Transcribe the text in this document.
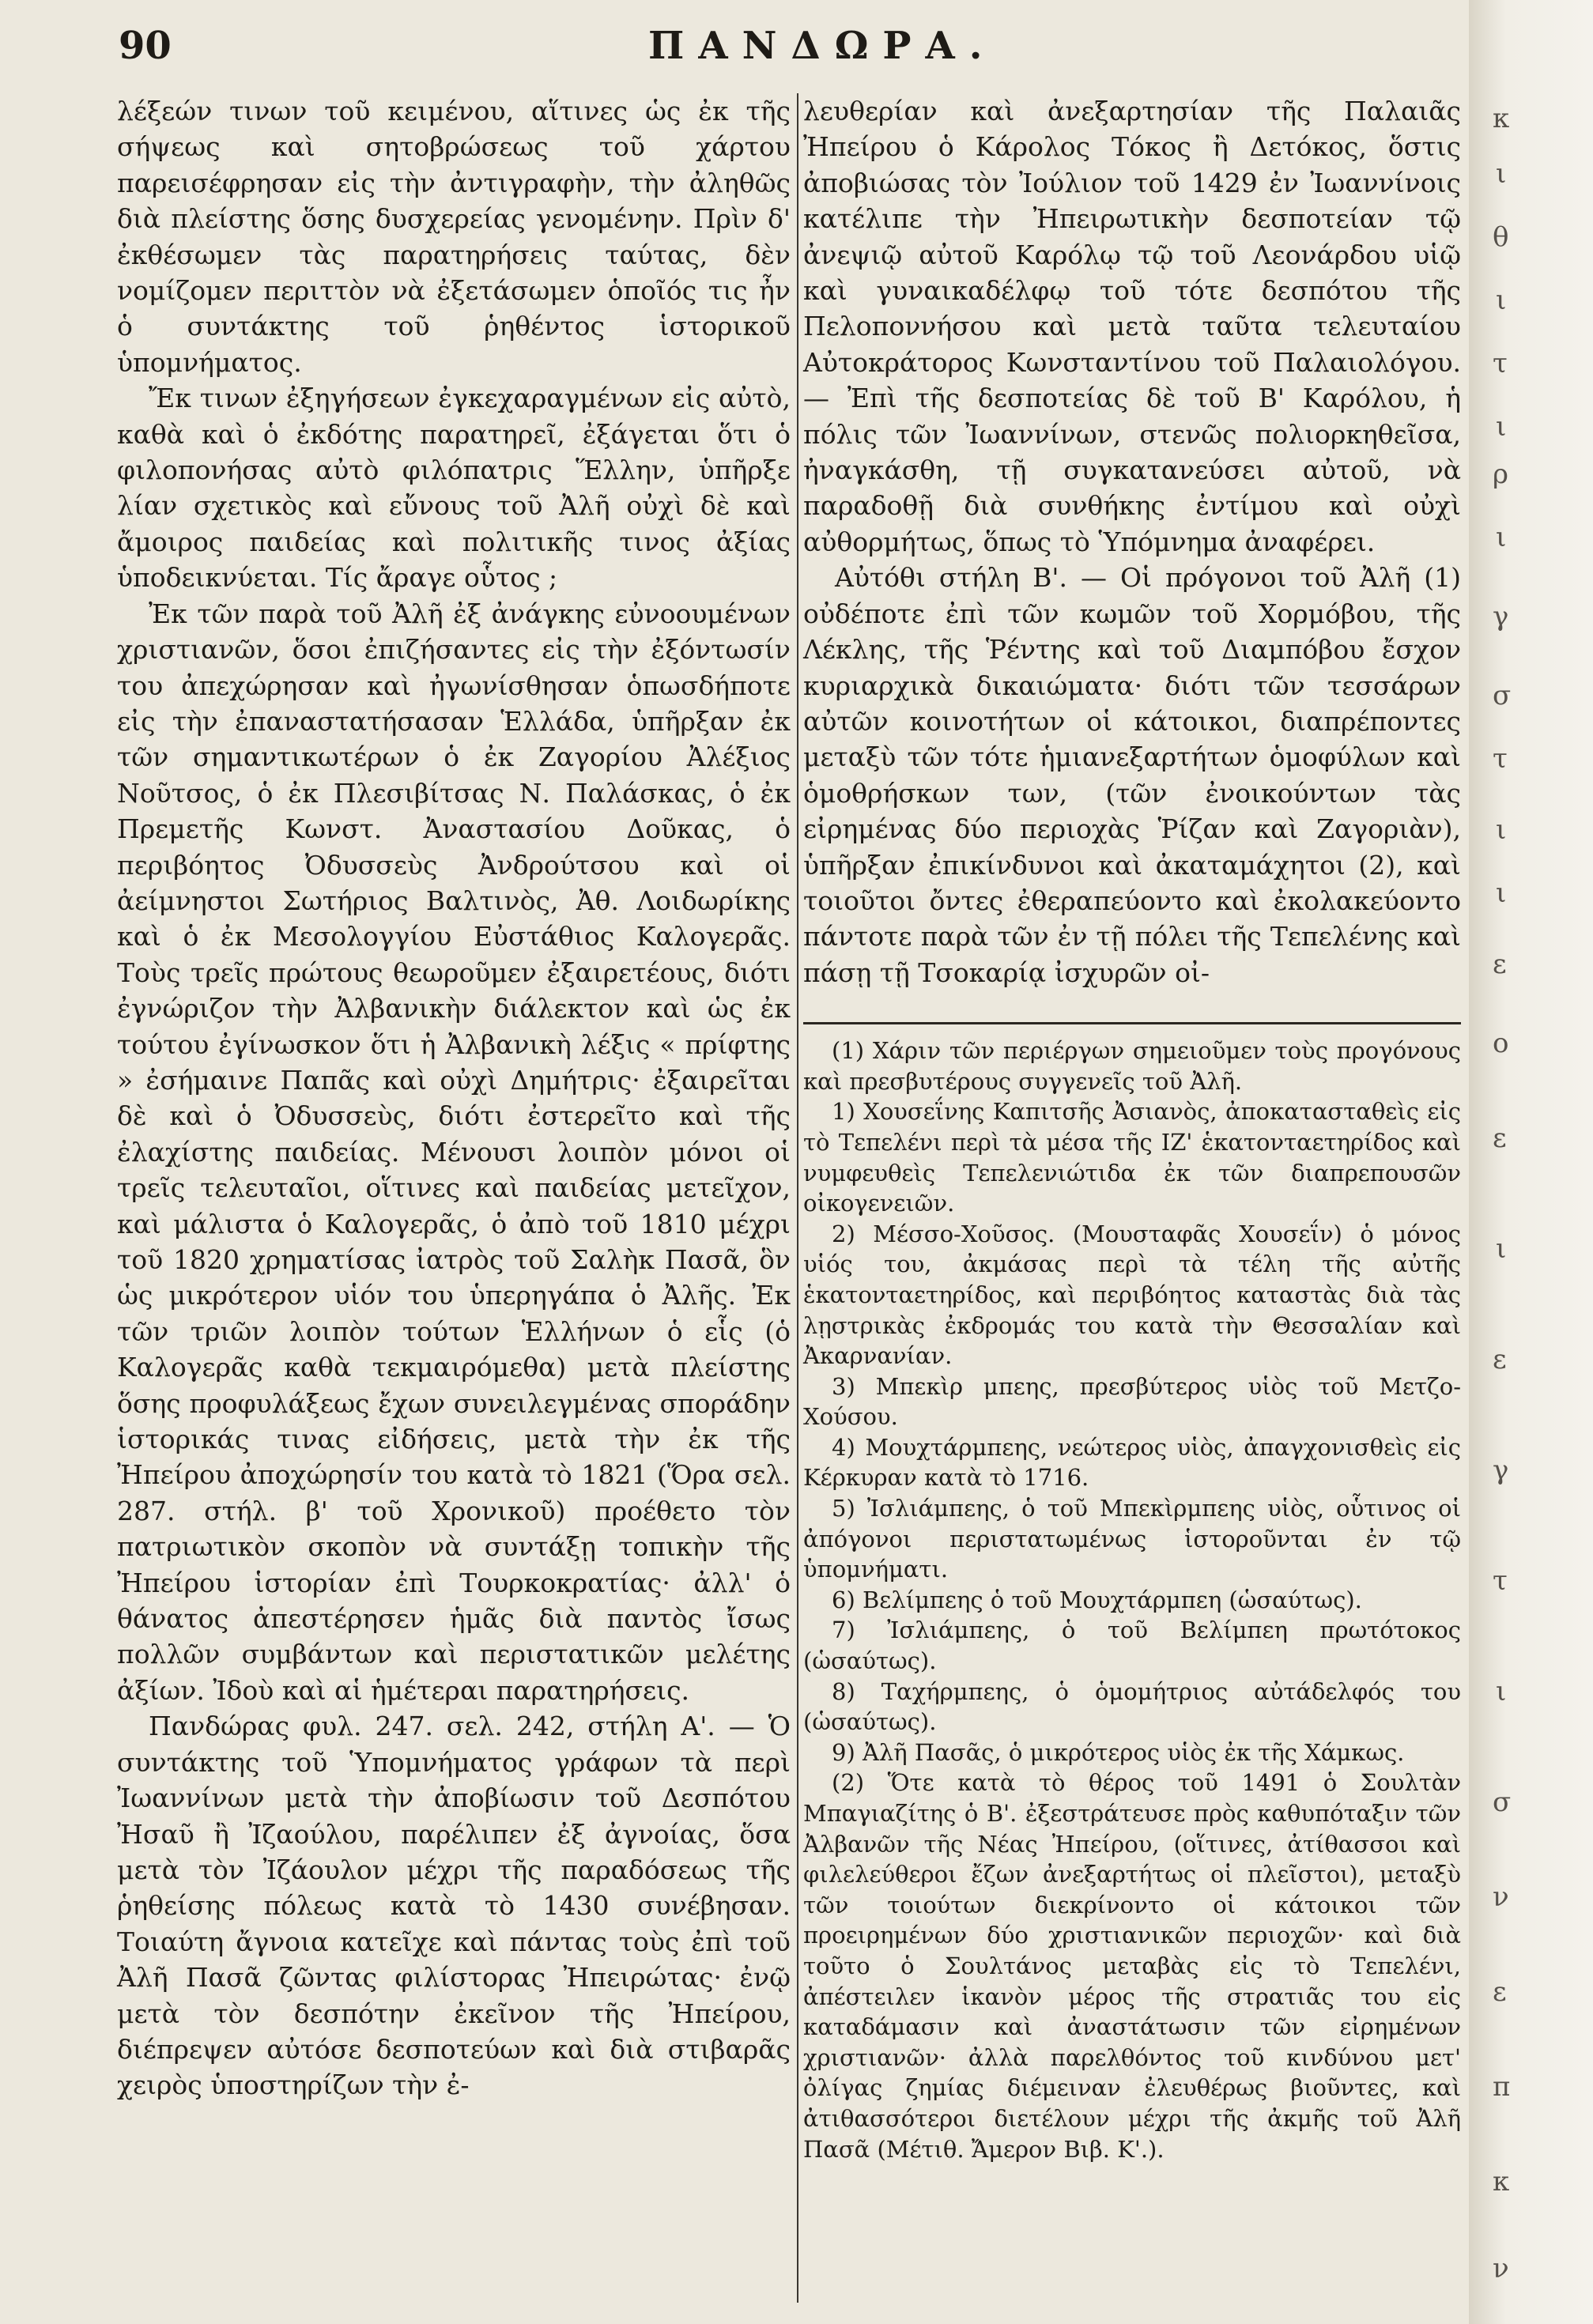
90	ΠΑΝΔΩΡΑ.

λέξεών τινων τοῦ κειμένου, αἵτινες ὡς ἐκ τῆς σήψεως καὶ σητοβρώσεως τοῦ χάρτου παρεισέφρησαν εἰς τὴν ἀντιγραφὴν, τὴν ἀληθῶς διὰ πλείστης ὅσης δυσχερείας γενομένην. Πρὶν δ' ἐκθέσωμεν τὰς παρατηρήσεις ταύτας, δὲν νομίζομεν περιττὸν νὰ ἐξετάσωμεν ὁποῖός τις ἦν ὁ συντάκτης τοῦ ῥηθέντος ἱστορικοῦ ὑπομνήματος.

Ἔκ τινων ἐξηγήσεων ἐγκεχαραγμένων εἰς αὐτὸ, καθὰ καὶ ὁ ἐκδότης παρατηρεῖ, ἐξάγεται ὅτι ὁ φιλοπονήσας αὐτὸ φιλόπατρις Ἕλλην, ὑπῆρξε λίαν σχετικὸς καὶ εὔνους τοῦ Ἀλῆ οὐχὶ δὲ καὶ ἄμοιρος παιδείας καὶ πολιτικῆς τινος ἀξίας ὑποδεικνύεται. Τίς ἄραγε οὗτος ;

Ἐκ τῶν παρὰ τοῦ Ἀλῆ ἐξ ἀνάγκης εὐνοουμένων χριστιανῶν, ὅσοι ἐπιζήσαντες εἰς τὴν ἐξόντωσίν του ἀπεχώρησαν καὶ ἠγωνίσθησαν ὁπωσδήποτε εἰς τὴν ἐπαναστατήσασαν Ἑλλάδα, ὑπῆρξαν ἐκ τῶν σημαντικωτέρων ὁ ἐκ Ζαγορίου Ἀλέξιος Νοῦτσος, ὁ ἐκ Πλεσιβίτσας Ν. Παλάσκας, ὁ ἐκ Πρεμετῆς Κωνστ. Ἀναστασίου Δοῦκας, ὁ περιβόητος Ὀδυσσεὺς Ἀνδρούτσου καὶ οἱ ἀείμνηστοι Σωτήριος Βαλτινὸς, Ἀθ. Λοιδωρίκης καὶ ὁ ἐκ Μεσολογγίου Εὐστάθιος Καλογερᾶς. Τοὺς τρεῖς πρώτους θεωροῦμεν ἐξαιρετέους, διότι ἐγνώριζον τὴν Ἀλβανικὴν διάλεκτον καὶ ὡς ἐκ τούτου ἐγίνωσκον ὅτι ἡ Ἀλβανικὴ λέξις « πρίφτης » ἐσήμαινε Παπᾶς καὶ οὐχὶ Δημήτρις· ἐξαιρεῖται δὲ καὶ ὁ Ὀδυσσεὺς, διότι ἐστερεῖτο καὶ τῆς ἐλαχίστης παιδείας. Μένουσι λοιπὸν μόνοι οἱ τρεῖς τελευταῖοι, οἵτινες καὶ παιδείας μετεῖχον, καὶ μάλιστα ὁ Καλογερᾶς, ὁ ἀπὸ τοῦ 1810 μέχρι τοῦ 1820 χρηματίσας ἰατρὸς τοῦ Σαλὴκ Πασᾶ, ὃν ὡς μικρότερον υἱόν του ὑπερηγάπα ὁ Ἀλῆς. Ἐκ τῶν τριῶν λοιπὸν τούτων Ἑλλήνων ὁ εἷς (ὁ Καλογερᾶς καθὰ τεκμαιρόμεθα) μετὰ πλείστης ὅσης προφυλάξεως ἔχων συνειλεγμένας σποράδην ἱστορικάς τινας εἰδήσεις, μετὰ τὴν ἐκ τῆς Ἠπείρου ἀποχώρησίν του κατὰ τὸ 1821 (Ὅρα σελ. 287. στήλ. β' τοῦ Χρονικοῦ) προέθετο τὸν πατριωτικὸν σκοπὸν νὰ συντάξῃ τοπικὴν τῆς Ἠπείρου ἱστορίαν ἐπὶ Τουρκοκρατίας· ἀλλ' ὁ θάνατος ἀπεστέρησεν ἡμᾶς διὰ παντὸς ἴσως πολλῶν συμβάντων καὶ περιστατικῶν μελέτης ἀξίων. Ἰδοὺ καὶ αἱ ἡμέτεραι παρατηρήσεις.

Πανδώρας φυλ. 247. σελ. 242, στήλη Α'. — Ὁ συντάκτης τοῦ Ὑπομνήματος γράφων τὰ περὶ Ἰωαννίνων μετὰ τὴν ἀποβίωσιν τοῦ Δεσπότου Ἠσαῦ ἢ Ἰζαούλου, παρέλιπεν ἐξ ἀγνοίας, ὅσα μετὰ τὸν Ἰζάουλον μέχρι τῆς παραδόσεως τῆς ῥηθείσης πόλεως κατὰ τὸ 1430 συνέβησαν. Τοιαύτη ἄγνοια κατεῖχε καὶ πάντας τοὺς ἐπὶ τοῦ Ἀλῆ Πασᾶ ζῶντας φιλίστορας Ἠπειρώτας· ἐνῷ μετὰ τὸν δεσπότην ἐκεῖνον τῆς Ἠπείρου, διέπρεψεν αὐτόσε δεσποτεύων καὶ διὰ στιβαρᾶς χειρὸς ὑποστηρίζων τὴν ἐ-

λευθερίαν καὶ ἀνεξαρτησίαν τῆς Παλαιᾶς Ἠπείρου ὁ Κάρολος Τόκος ἢ Δετόκος, ὅστις ἀποβιώσας τὸν Ἰούλιον τοῦ 1429 ἐν Ἰωαννίνοις κατέλιπε τὴν Ἠπειρωτικὴν δεσποτείαν τῷ ἀνεψιῷ αὐτοῦ Καρόλῳ τῷ τοῦ Λεονάρδου υἱῷ καὶ γυναικαδέλφῳ τοῦ τότε δεσπότου τῆς Πελοποννήσου καὶ μετὰ ταῦτα τελευταίου Αὐτοκράτορος Κωνσταντίνου τοῦ Παλαιολόγου. — Ἐπὶ τῆς δεσποτείας δὲ τοῦ Β' Καρόλου, ἡ πόλις τῶν Ἰωαννίνων, στενῶς πολιορκηθεῖσα, ἠναγκάσθη, τῇ συγκατανεύσει αὐτοῦ, νὰ παραδοθῇ διὰ συνθήκης ἐντίμου καὶ οὐχὶ αὐθορμήτως, ὅπως τὸ Ὑπόμνημα ἀναφέρει.

Αὐτόθι στήλη Β'. — Οἱ πρόγονοι τοῦ Ἀλῆ (1) οὐδέποτε ἐπὶ τῶν κωμῶν τοῦ Χορμόβου, τῆς Λέκλης, τῆς Ῥέντης καὶ τοῦ Διαμπόβου ἔσχον κυριαρχικὰ δικαιώματα· διότι τῶν τεσσάρων αὐτῶν κοινοτήτων οἱ κάτοικοι, διαπρέποντες μεταξὺ τῶν τότε ἡμιανεξαρτήτων ὁμοφύλων καὶ ὁμοθρήσκων των, (τῶν ἐνοικούντων τὰς εἰρημένας δύο περιοχὰς Ῥίζαν καὶ Ζαγοριὰν), ὑπῆρξαν ἐπικίνδυνοι καὶ ἀκαταμάχητοι (2), καὶ τοιοῦτοι ὄντες ἐθεραπεύοντο καὶ ἐκολακεύοντο πάντοτε παρὰ τῶν ἐν τῇ πόλει τῆς Τεπελένης καὶ πάσῃ τῇ Τσοκαρίᾳ ἰσχυρῶν οἰ-

(1) Χάριν τῶν περιέργων σημειοῦμεν τοὺς προγόνους καὶ πρεσβυτέρους συγγενεῖς τοῦ Ἀλῆ.

1) Χουσεΐνης Καπιτσῆς Ἀσιανὸς, ἀποκατασταθεὶς εἰς τὸ Τεπελένι περὶ τὰ μέσα τῆς ΙΖ' ἑκατονταετηρίδος καὶ νυμφευθεὶς Τεπελενιώτιδα ἐκ τῶν διαπρεπουσῶν οἰκογενειῶν.

2) Μέσσο-Χοῦσος. (Μουσταφᾶς Χουσεΐν) ὁ μόνος υἱός του, ἀκμάσας περὶ τὰ τέλη τῆς αὐτῆς ἑκατονταετηρίδος, καὶ περιβόητος καταστὰς διὰ τὰς λῃστρικὰς ἐκδρομάς του κατὰ τὴν Θεσσαλίαν καὶ Ἀκαρνανίαν.

3) Μπεκὶρ μπεης, πρεσβύτερος υἱὸς τοῦ Μετζο-Χούσου.

4) Μουχτάρμπεης, νεώτερος υἱὸς, ἀπαγχονισθεὶς εἰς Κέρκυραν κατὰ τὸ 1716.

5) Ἰσλιάμπεης, ὁ τοῦ Μπεκὶρμπεης υἱὸς, οὗτινος οἱ ἀπόγονοι περιστατωμένως ἱστοροῦνται ἐν τῷ ὑπομνήματι.

6) Βελίμπεης ὁ τοῦ Μουχτάρμπεη (ὡσαύτως).

7) Ἰσλιάμπεης, ὁ τοῦ Βελίμπεη πρωτότοκος (ὡσαύτως).

8) Ταχήρμπεης, ὁ ὁμομήτριος αὐτάδελφός του (ὡσαύτως).

9) Ἀλῆ Πασᾶς, ὁ μικρότερος υἱὸς ἐκ τῆς Χάμκως.

(2) Ὅτε κατὰ τὸ θέρος τοῦ 1491 ὁ Σουλτὰν Μπαγιαζίτης ὁ Β'. ἐξεστράτευσε πρὸς καθυπόταξιν τῶν Ἀλβανῶν τῆς Νέας Ἠπείρου, (οἵτινες, ἀτίθασσοι καὶ φιλελεύθεροι ἔζων ἀνεξαρτήτως οἱ πλεῖστοι), μεταξὺ τῶν τοιούτων διεκρίνοντο οἱ κάτοικοι τῶν προειρημένων δύο χριστιανικῶν περιοχῶν· καὶ διὰ τοῦτο ὁ Σουλτάνος μεταβὰς εἰς τὸ Τεπελένι, ἀπέστειλεν ἱκανὸν μέρος τῆς στρατιᾶς του εἰς καταδάμασιν καὶ ἀναστάτωσιν τῶν εἰρημένων χριστιανῶν· ἀλλὰ παρελθόντος τοῦ κινδύνου μετ' ὀλίγας ζημίας διέμειναν ἐλευθέρως βιοῦντες, καὶ ἀτιθασσότεροι διετέλουν μέχρι τῆς ἀκμῆς τοῦ Ἀλῆ Πασᾶ (Μέτιθ. Ἄμερον Βιβ. Κ'.).

κ
ι
θ
ι
τ
ι
ρ
ι
γ
σ
τ
ι
ι
ε
ο
ε
ι
ε
γ
τ
ι
σ
ν
ε
π
κ
ν
